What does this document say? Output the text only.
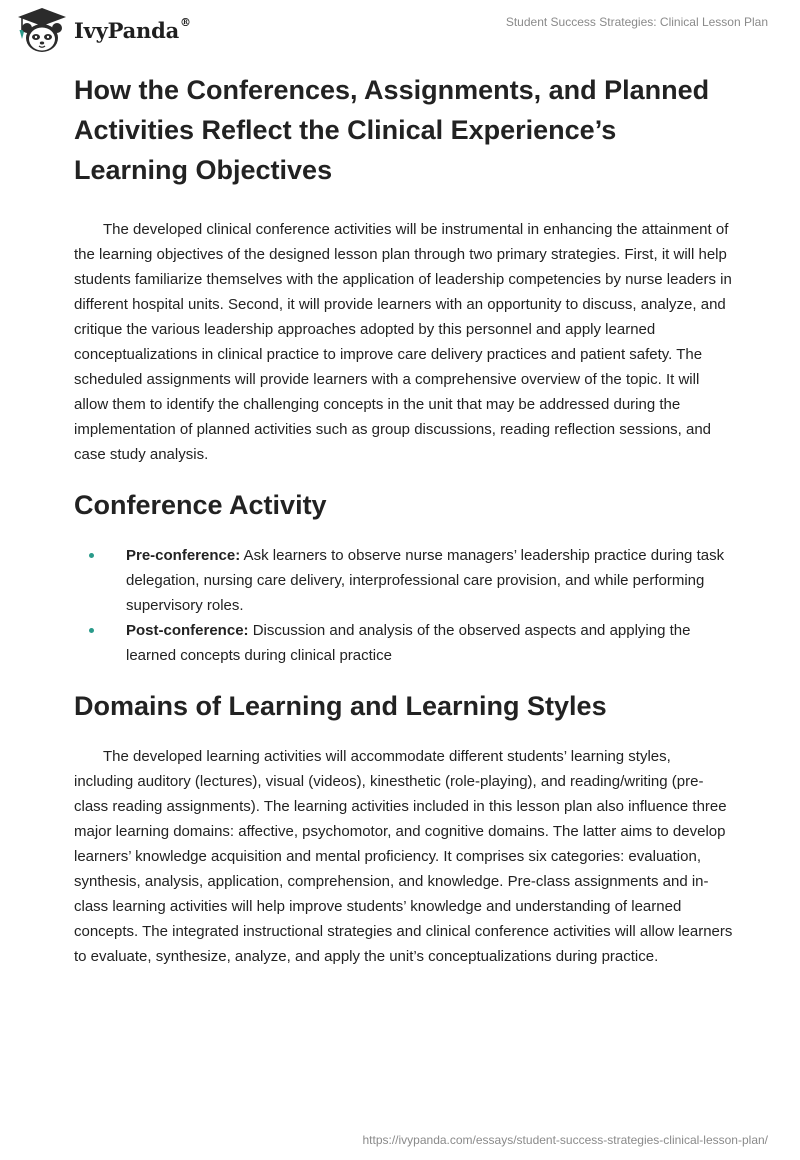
IvyPanda®	Student Success Strategies: Clinical Lesson Plan
How the Conferences, Assignments, and Planned Activities Reflect the Clinical Experience’s Learning Objectives

The developed clinical conference activities will be instrumental in enhancing the attainment of the learning objectives of the designed lesson plan through two primary strategies. First, it will help students familiarize themselves with the application of leadership competencies by nurse leaders in different hospital units. Second, it will provide learners with an opportunity to discuss, analyze, and critique the various leadership approaches adopted by this personnel and apply learned conceptualizations in clinical practice to improve care delivery practices and patient safety. The scheduled assignments will provide learners with a comprehensive overview of the topic. It will allow them to identify the challenging concepts in the unit that may be addressed during the implementation of planned activities such as group discussions, reading reflection sessions, and case study analysis.

Conference Activity
Pre-conference: Ask learners to observe nurse managers’ leadership practice during task delegation, nursing care delivery, interprofessional care provision, and while performing supervisory roles.
Post-conference: Discussion and analysis of the observed aspects and applying the learned concepts during clinical practice
Domains of Learning and Learning Styles

The developed learning activities will accommodate different students’ learning styles, including auditory (lectures), visual (videos), kinesthetic (role-playing), and reading/writing (pre-class reading assignments). The learning activities included in this lesson plan also influence three major learning domains: affective, psychomotor, and cognitive domains. The latter aims to develop learners’ knowledge acquisition and mental proficiency. It comprises six categories: evaluation, synthesis, analysis, application, comprehension, and knowledge. Pre-class assignments and in-class learning activities will help improve students’ knowledge and understanding of learned concepts. The integrated instructional strategies and clinical conference activities will allow learners to evaluate, synthesize, analyze, and apply the unit’s conceptualizations during practice.

https://ivypanda.com/essays/student-success-strategies-clinical-lesson-plan/
